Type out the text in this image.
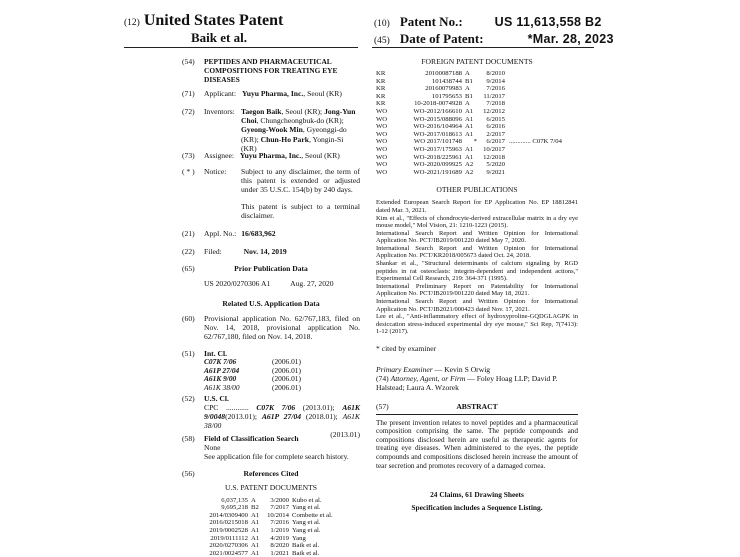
(12) United States Patent
Baik et al.
(10) Patent No.:	US 11,613,558 B2
(45) Date of Patent:	*Mar. 28, 2023
(54) PEPTIDES AND PHARMACEUTICAL COMPOSITIONS FOR TREATING EYE DISEASES
(71) Applicant: Yuyu Pharma, Inc., Seoul (KR)
(72) Inventors: Taegon Baik, Seoul (KR); Jong-Yun Choi, Chungcheongbuk-do (KR); Gyeong-Wook Min, Gyeonggi-do (KR); Chun-Ho Park, Yongin-Si (KR)
(73) Assignee: Yuyu Pharma, Inc., Seoul (KR)
( * ) Notice: Subject to any disclaimer, the term of this patent is extended or adjusted under 35 U.S.C. 154(b) by 240 days.
This patent is subject to a terminal disclaimer.
(21) Appl. No.: 16/683,962
(22) Filed:	Nov. 14, 2019
(65)	Prior Publication Data
US 2020/0270306 A1	Aug. 27, 2020
Related U.S. Application Data
(60) Provisional application No. 62/767,183, filed on Nov. 14, 2018, provisional application No. 62/767,180, filed on Nov. 14, 2018.
(51) Int. Cl.
C07K 7/06	(2006.01)
A61P 27/04	(2006.01)
A61K 9/00	(2006.01)
A61K 38/00	(2006.01)
(52) U.S. Cl.
CPC ............ C07K 7/06 (2013.01); A61K 9/0048(2013.01); A61P 27/04 (2018.01); A61K 38/00
(2013.01)
(58) Field of Classification Search
None
See application file for complete search history.
(56)	References Cited
U.S. PATENT DOCUMENTS
6,037,135	A	3/2000	Kubo et al.
9,695,218	B2	7/2017	Yang et al.
2014/0309400	A1	10/2014	Combette et al.
2016/0215018	A1	7/2016	Yang et al.
2019/0002528	A1	1/2019	Yang et al.
2019/0111112	A1	4/2019	Yang
2020/0270306	A1	8/2020	Baik et al.
2021/0024577	A1	1/2021	Baik et al.
FOREIGN PATENT DOCUMENTS
KR	20100087188	A	8/2010	
KR	101438744	B1	9/2014	
KR	20160079983	A	7/2016	
KR	101795653	B1	11/2017	
KR	10-2018-0074928	A	7/2018	
WO	WO-2012/166610	A1	12/2012	
WO	WO-2015/088096	A1	6/2015	
WO	WO-2016/104964	A1	6/2016	
WO	WO-2017/018613	A1	2/2017	
WO	WO 2017/101748	*	6/2017	............. C07K 7/04
WO	WO-2017/175963	A1	10/2017	
WO	WO-2018/225961	A1	12/2018	
WO	WO-2020/099925	A2	5/2020	
WO	WO-2021/191689	A2	9/2021	
OTHER PUBLICATIONS

Extended European Search Report for EP Application No. EP 18812841 dated Mar. 3, 2021.

Kim et al., "Effects of chondrocyte-derived extracellular matrix in a dry eye mouse model," Mol Vision, 21: 1210-1223 (2015).

International Search Report and Written Opinion for International Application No. PCT/IB2019/001220 dated May 7, 2020.

International Search Report and Written Opinion for International Application No. PCT/KR2018/005673 dated Oct. 24, 2018.

Shankar et al., "Structural determinants of calcium signaling by RGD peptides in rat osteoclasts: integrin-dependent and independent actions," Experimental Cell Research, 219: 364-371 (1995).

International Preliminary Report on Patentability for International Application No. PCT/IB2019/001220 dated May 18, 2021.

International Search Report and Written Opinion for International Application No. PCT/IB2021/000423 dated Nov. 17, 2021.

Lee et al., "Anti-inflammatory effect of hydroxyproline-GQDGLAGPK in desiccation stress-induced experimental dry eye mouse," Sci Rep, 7(7413): 1-12 (2017).

* cited by examiner
Primary Examiner — Kevin S Orwig
(74) Attorney, Agent, or Firm — Foley Hoag LLP; David P. Halstead; Laura A. Wzorek
(57)	ABSTRACT
The present invention relates to novel peptides and a pharmaceutical composition comprising the same. The peptide compounds and compositions disclosed herein are useful as therapeutic agents for treating eye diseases. When administered to the eyes, the peptide compounds and compositions disclosed herein increase the amount of tear secretion and promotes recovery of a damaged cornea.
24 Claims, 61 Drawing Sheets
Specification includes a Sequence Listing.
